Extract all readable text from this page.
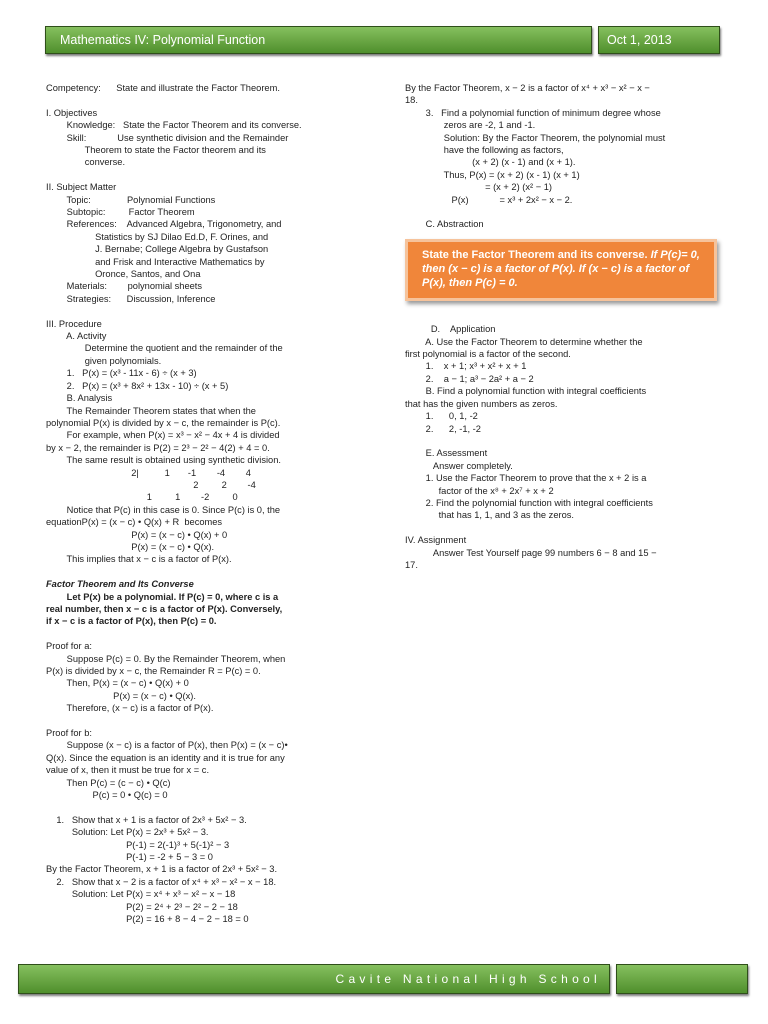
Mathematics IV: Polynomial Function	Oct 1, 2013

Competency:      State and illustrate the Factor Theorem.

I. Objectives

Knowledge:   State the Factor Theorem and its converse.

Skill:            Use synthetic division and the Remainder

Theorem to state the Factor theorem and its

converse.

II. Subject Matter

Topic:              Polynomial Functions

Subtopic:         Factor Theorem

References:    Advanced Algebra, Trigonometry, and

Statistics by SJ Dilao Ed.D, F. Orines, and

J. Bernabe; College Algebra by Gustafson

and Frisk and Interactive Mathematics by

Oronce, Santos, and Ona

Materials:        polynomial sheets

Strategies:      Discussion, Inference

III. Procedure

A. Activity

Determine the quotient and the remainder of the

given polynomials.

1.   P(x) = (x³ - 11x - 6) ÷ (x + 3)

2.   P(x) = (x³ + 8x² + 13x - 10) ÷ (x + 5)

B. Analysis

The Remainder Theorem states that when the

polynomial P(x) is divided by x − c, the remainder is P(c).

For example, when P(x) = x³ − x² − 4x + 4 is divided

by x − 2, the remainder is P(2) = 2³ − 2² − 4(2) + 4 = 0.

The same result is obtained using synthetic division.

2|          1       -1        -4        4

2         2        -4

1         1        -2         0

Notice that P(c) in this case is 0. Since P(c) is 0, the

equationP(x) = (x − c) • Q(x) + R  becomes

P(x) = (x − c) • Q(x) + 0

P(x) = (x − c) • Q(x).

This implies that x − c is a factor of P(x).

Factor Theorem and Its Converse

Let P(x) be a polynomial. If P(c) = 0, where c is a

real number, then x − c is a factor of P(x). Conversely,

if x − c is a factor of P(x), then P(c) = 0.

Proof for a:

Suppose P(c) = 0. By the Remainder Theorem, when

P(x) is divided by x − c, the Remainder R = P(c) = 0.

Then, P(x) = (x − c) • Q(x) + 0

P(x) = (x − c) • Q(x).

Therefore, (x − c) is a factor of P(x).

Proof for b:

Suppose (x − c) is a factor of P(x), then P(x) = (x − c)•

Q(x). Since the equation is an identity and it is true for any

value of x, then it must be true for x = c.

Then P(c) = (c − c) • Q(c)

P(c) = 0 • Q(c) = 0

1.   Show that x + 1 is a factor of 2x³ + 5x² − 3.

Solution: Let P(x) = 2x³ + 5x² − 3.

P(-1) = 2(-1)³ + 5(-1)² − 3

P(-1) = -2 + 5 − 3 = 0

By the Factor Theorem, x + 1 is a factor of 2x³ + 5x² − 3.

2.   Show that x − 2 is a factor of x⁴ + x³ − x² − x − 18.

Solution: Let P(x) = x⁴ + x³ − x² − x − 18

P(2) = 2⁴ + 2³ − 2² − 2 − 18

P(2) = 16 + 8 − 4 − 2 − 18 = 0

By the Factor Theorem, x − 2 is a factor of x⁴ + x³ − x² − x −

18.

3.   Find a polynomial function of minimum degree whose

zeros are -2, 1 and -1.

Solution: By the Factor Theorem, the polynomial must

have the following as factors,

(x + 2) (x - 1) and (x + 1).

Thus, P(x) = (x + 2) (x - 1) (x + 1)

= (x + 2) (x² − 1)

P(x)            = x³ + 2x² − x − 2.

C. Abstraction

State the Factor Theorem and its converse. If P(c)= 0, then (x − c) is a factor of P(x). If (x − c) is a factor of P(x), then P(c) = 0.

D.    Application

A. Use the Factor Theorem to determine whether the

first polynomial is a factor of the second.

1.    x + 1; x³ + x² + x + 1

2.    a − 1; a³ − 2a² + a − 2

B. Find a polynomial function with integral coefficients

that has the given numbers as zeros.

1.      0, 1, -2

2.      2, -1, -2

E. Assessment

Answer completely.

1. Use the Factor Theorem to prove that the x + 2 is a

factor of the x⁸ + 2x⁷ + x + 2

2. Find the polynomial function with integral coefficients

that has 1, 1, and 3 as the zeros.

IV. Assignment

Answer Test Yourself page 99 numbers 6 − 8 and 15 −

17.

Cavite National High School
